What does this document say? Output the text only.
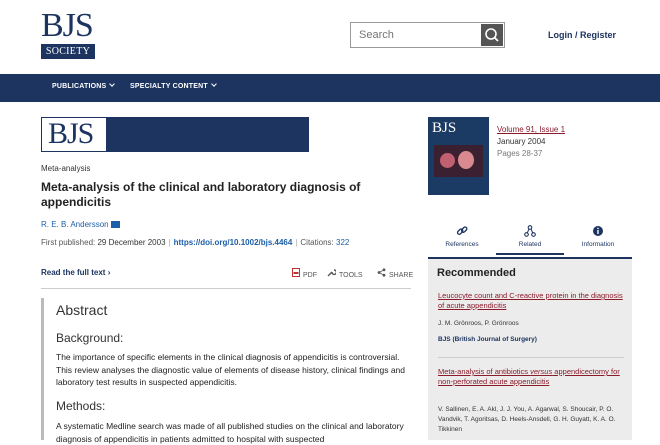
BJS
SOCIETY
Search
Login / Register
PUBLICATIONS	SPECIALTY CONTENT
BJS
Meta-analysis
Meta-analysis of the clinical and laboratory diagnosis of appendicitis
R. E. B. Andersson
First published: 29 December 2003 | https://doi.org/10.1002/bjs.4464 | Citations: 322
Read the full text ›	PDF	TOOLS	SHARE
Abstract
Background:
The importance of specific elements in the clinical diagnosis of appendicitis is controversial. This review analyses the diagnostic value of elements of disease history, clinical findings and laboratory test results in suspected appendicitis.
Methods:
A systematic Medline search was made of all published studies on the clinical and laboratory diagnosis of appendicitis in patients admitted to hospital with suspected
BJS	Volume 91, Issue 1
January 2004
Pages 28-37
References	Related	Information
Recommended
Leucocyte count and C-reactive protein in the diagnosis of acute appendicitis
J. M. Grönroos, P. Grönroos
BJS (British Journal of Surgery)
Meta-analysis of antibiotics versus appendicectomy for non-perforated acute appendicitis
V. Sallinen, E. A. Akl, J. J. You, A. Agarwal, S. Shoucair, P. O. Vandvik, T. Agoritsas, D. Heels-Ansdell, G. H. Guyatt, K. A. O. Tikkinen
